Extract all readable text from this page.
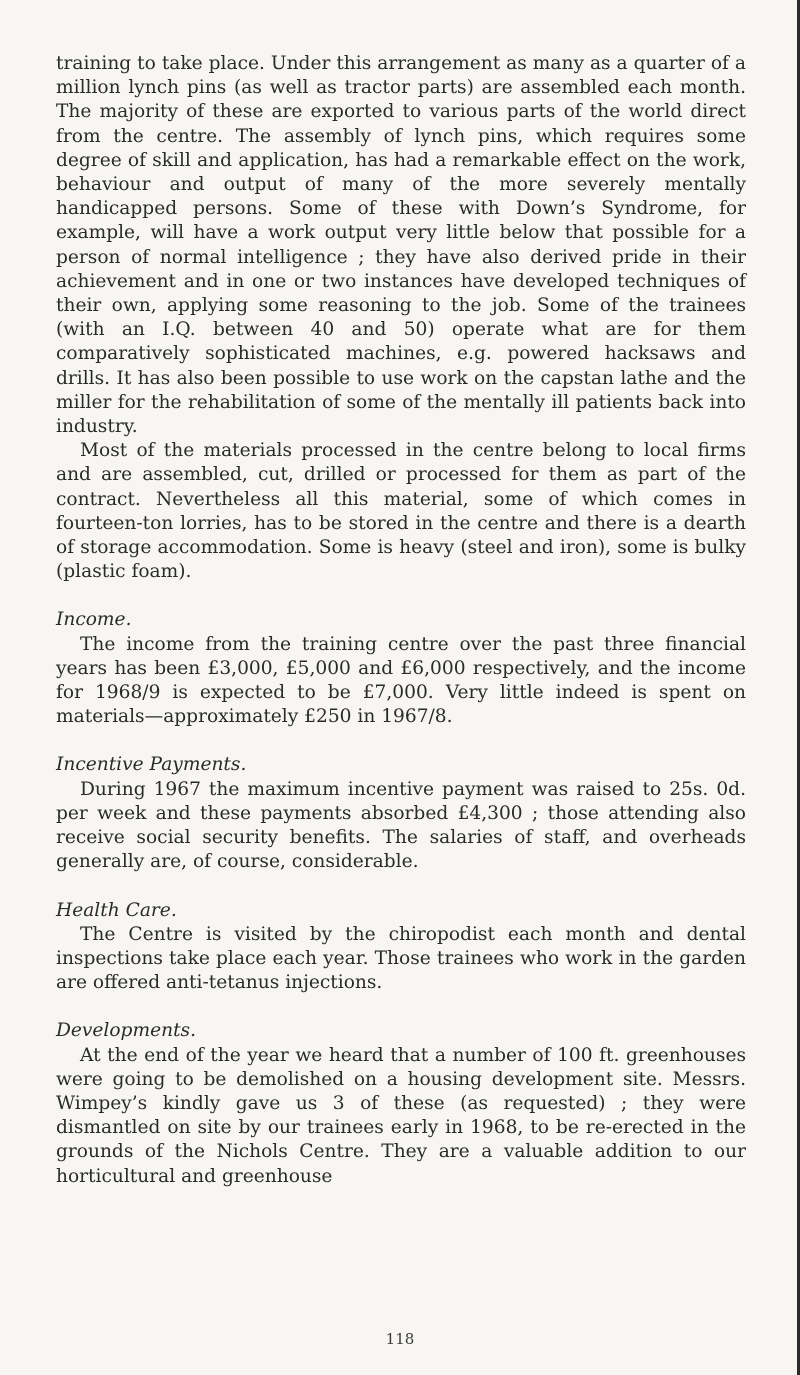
training to take place. Under this arrangement as many as a quarter of a million lynch pins (as well as tractor parts) are assembled each month. The majority of these are exported to various parts of the world direct from the centre. The assembly of lynch pins, which requires some degree of skill and application, has had a remarkable effect on the work, behaviour and output of many of the more severely mentally handicapped persons. Some of these with Down’s Syndrome, for example, will have a work output very little below that possible for a person of normal intelligence ; they have also derived pride in their achievement and in one or two instances have developed techniques of their own, applying some reasoning to the job. Some of the trainees (with an I.Q. between 40 and 50) operate what are for them comparatively sophisticated machines, e.g. powered hacksaws and drills. It has also been possible to use work on the capstan lathe and the miller for the rehabilitation of some of the mentally ill patients back into industry.

Most of the materials processed in the centre belong to local firms and are assembled, cut, drilled or processed for them as part of the contract. Nevertheless all this material, some of which comes in fourteen-ton lorries, has to be stored in the centre and there is a dearth of storage accommodation. Some is heavy (steel and iron), some is bulky (plastic foam).

Income.

The income from the training centre over the past three financial years has been £3,000, £5,000 and £6,000 respectively, and the income for 1968/9 is expected to be £7,000. Very little indeed is spent on materials—approximately £250 in 1967/8.

Incentive Payments.

During 1967 the maximum incentive payment was raised to 25s. 0d. per week and these payments absorbed £4,300 ; those attending also receive social security benefits. The salaries of staff, and overheads generally are, of course, considerable.

Health Care.

The Centre is visited by the chiropodist each month and dental inspections take place each year. Those trainees who work in the garden are offered anti-tetanus injections.

Developments.

At the end of the year we heard that a number of 100 ft. greenhouses were going to be demolished on a housing development site. Messrs. Wimpey’s kindly gave us 3 of these (as requested) ; they were dismantled on site by our trainees early in 1968, to be re-erected in the grounds of the Nichols Centre. They are a valuable addition to our horticultural and greenhouse

118
